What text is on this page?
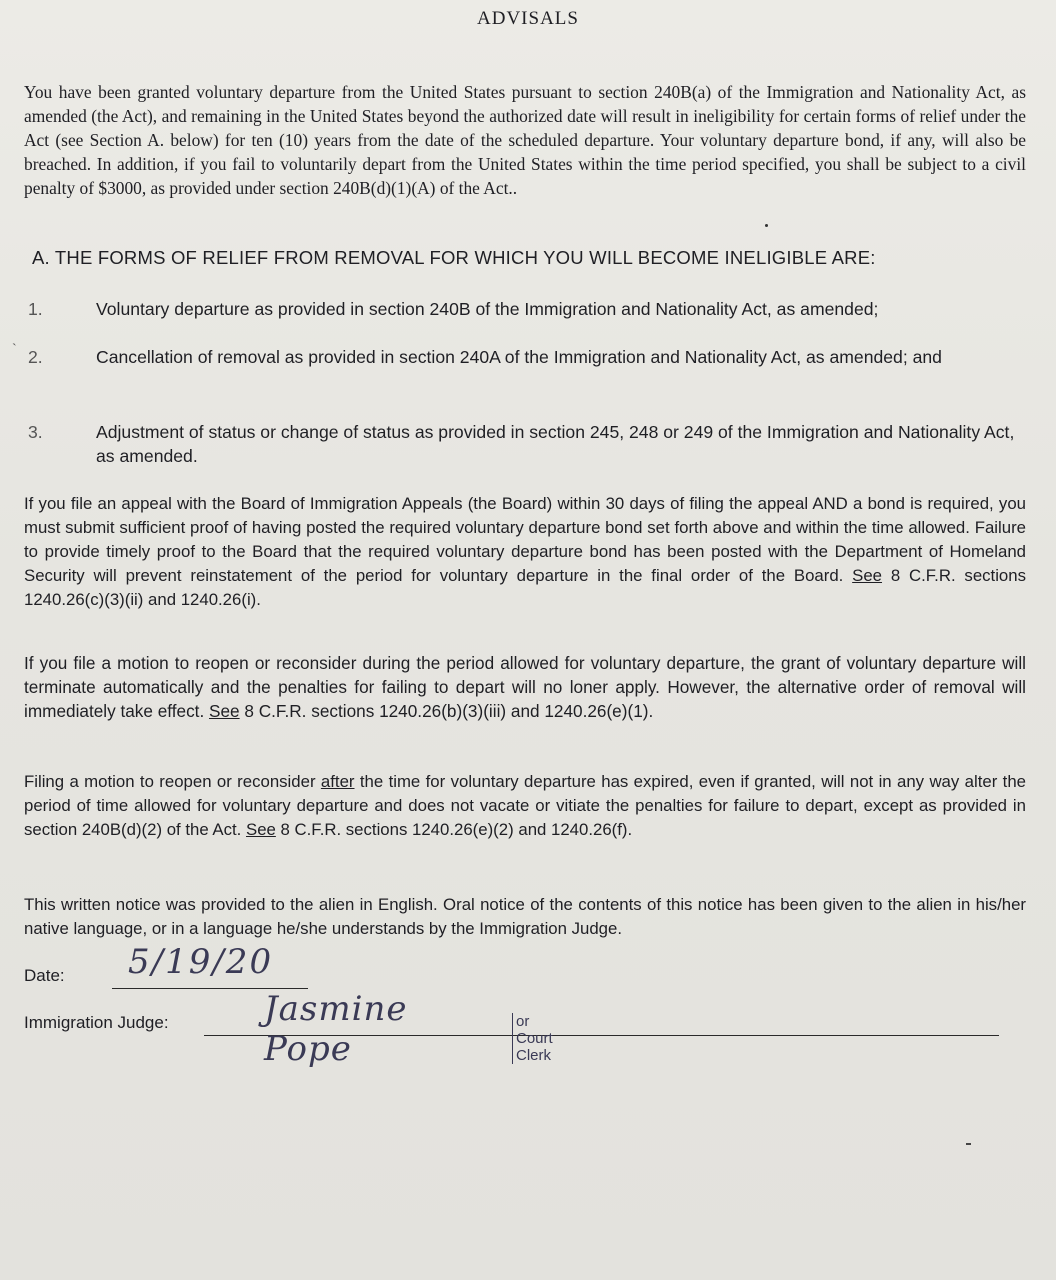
ADVISALS

You have been granted voluntary departure from the United States pursuant to section 240B(a) of the Immigration and Nationality Act, as amended (the Act), and remaining in the United States beyond the authorized date will result in ineligibility for certain forms of relief under the Act (see Section A. below) for ten (10) years from the date of the scheduled departure. Your voluntary departure bond, if any, will also be breached. In addition, if you fail to voluntarily depart from the United States within the time period specified, you shall be subject to a civil penalty of $3000, as provided under section 240B(d)(1)(A) of the Act..

A. THE FORMS OF RELIEF FROM REMOVAL FOR WHICH YOU WILL BECOME INELIGIBLE ARE:
`
1.	Voluntary departure as provided in section 240B of the Immigration and Nationality Act, as amended;
2.	Cancellation of removal as provided in section 240A of the Immigration and Nationality Act, as amended; and
3.	Adjustment of status or change of status as provided in section 245, 248 or 249 of the Immigration and Nationality Act, as amended.

If you file an appeal with the Board of Immigration Appeals (the Board) within 30 days of filing the appeal AND a bond is required, you must submit sufficient proof of having posted the required voluntary departure bond set forth above and within the time allowed. Failure to provide timely proof to the Board that the required voluntary departure bond has been posted with the Department of Homeland Security will prevent reinstatement of the period for voluntary departure in the final order of the Board. See 8 C.F.R. sections 1240.26(c)(3)(ii) and 1240.26(i).

If you file a motion to reopen or reconsider during the period allowed for voluntary departure, the grant of voluntary departure will terminate automatically and the penalties for failing to depart will no loner apply. However, the alternative order of removal will immediately take effect. See 8 C.F.R. sections 1240.26(b)(3)(iii) and 1240.26(e)(1).

Filing a motion to reopen or reconsider after the time for voluntary departure has expired, even if granted, will not in any way alter the period of time allowed for voluntary departure and does not vacate or vitiate the penalties for failure to depart, except as provided in section 240B(d)(2) of the Act. See 8 C.F.R. sections 1240.26(e)(2) and 1240.26(f).

This written notice was provided to the alien in English. Oral notice of the contents of this notice has been given to the alien in his/her native language, or in a language he/she understands by the Immigration Judge.

Date: 5/19/20
Immigration Judge:	Jasmine Pope
or Court Clerk
